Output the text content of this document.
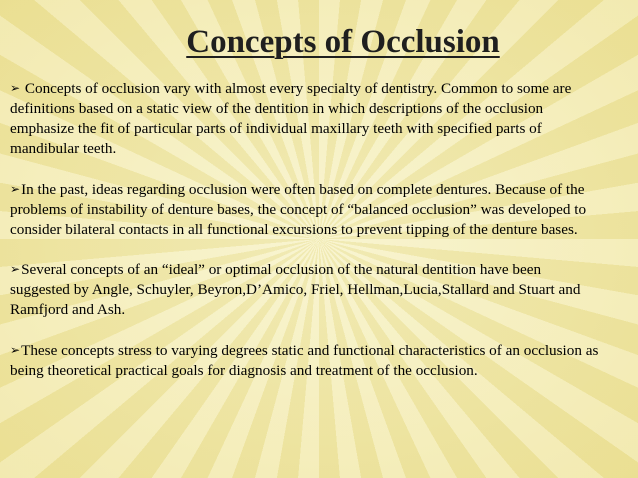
Concepts of Occlusion

➢ Concepts of occlusion vary with almost every specialty of dentistry. Common to some are definitions based on a static view of the dentition in which descriptions of the occlusion emphasize the fit of particular parts of individual maxillary teeth with specified parts of mandibular teeth.

➢In the past, ideas regarding occlusion were often based on complete dentures. Because of the problems of instability of denture bases, the concept of “balanced occlusion” was developed to consider bilateral contacts in all functional excursions to prevent tipping of the denture bases.

➢Several concepts of an “ideal” or optimal occlusion of the natural dentition have been suggested by Angle, Schuyler, Beyron,D’Amico, Friel, Hellman,Lucia,Stallard and Stuart and Ramfjord and Ash.

➢These concepts stress to varying degrees static and functional characteristics of an occlusion as being theoretical practical goals for diagnosis and treatment of the occlusion.
